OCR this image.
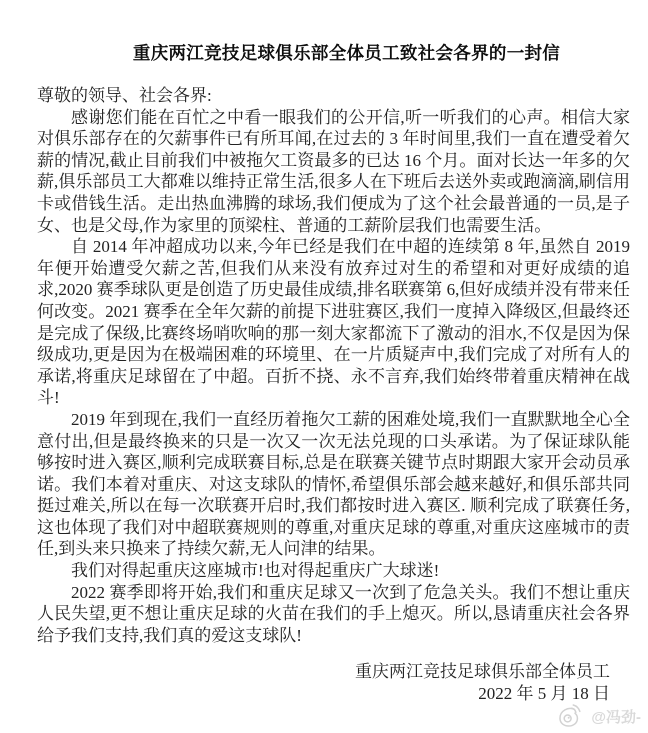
重庆两江竞技足球俱乐部全体员工致社会各界的一封信
尊敬的领导、社会各界:

感谢您们能在百忙之中看一眼我们的公开信,听一听我们的心声。相信大家对俱乐部存在的欠薪事件已有所耳闻,在过去的 3 年时间里,我们一直在遭受着欠薪的情况,截止目前我们中被拖欠工资最多的已达 16 个月。面对长达一年多的欠薪,俱乐部员工大都难以维持正常生活,很多人在下班后去送外卖或跑滴滴,刷信用卡或借钱生活。走出热血沸腾的球场,我们便成为了这个社会最普通的一员,是子女、也是父母,作为家里的顶梁柱、普通的工薪阶层我们也需要生活。

自 2014 年冲超成功以来,今年已经是我们在中超的连续第 8 年,虽然自 2019 年便开始遭受欠薪之苦,但我们从来没有放弃过对生的希望和对更好成绩的追求,2020 赛季球队更是创造了历史最佳成绩,排名联赛第 6,但好成绩并没有带来任何改变。2021 赛季在全年欠薪的前提下进驻赛区,我们一度掉入降级区,但最终还是完成了保级,比赛终场哨吹响的那一刻大家都流下了激动的泪水,不仅是因为保级成功,更是因为在极端困难的环境里、在一片质疑声中,我们完成了对所有人的承诺,将重庆足球留在了中超。百折不挠、永不言弃,我们始终带着重庆精神在战斗!

2019 年到现在,我们一直经历着拖欠工薪的困难处境,我们一直默默地全心全意付出,但是最终换来的只是一次又一次无法兑现的口头承诺。为了保证球队能够按时进入赛区,顺利完成联赛目标,总是在联赛关键节点时期跟大家开会动员承诺。我们本着对重庆、对这支球队的情怀,希望俱乐部会越来越好,和俱乐部共同挺过难关,所以在每一次联赛开启时,我们都按时进入赛区. 顺利完成了联赛任务,这也体现了我们对中超联赛规则的尊重,对重庆足球的尊重,对重庆这座城市的责任,到头来只换来了持续欠薪,无人问津的结果。

我们对得起重庆这座城市!也对得起重庆广大球迷!

2022 赛季即将开始,我们和重庆足球又一次到了危急关头。我们不想让重庆人民失望,更不想让重庆足球的火苗在我们的手上熄灭。所以,恳请重庆社会各界给予我们支持,我们真的爱这支球队!

重庆两江竞技足球俱乐部全体员工
2022 年 5 月 18 日
@冯劲-
